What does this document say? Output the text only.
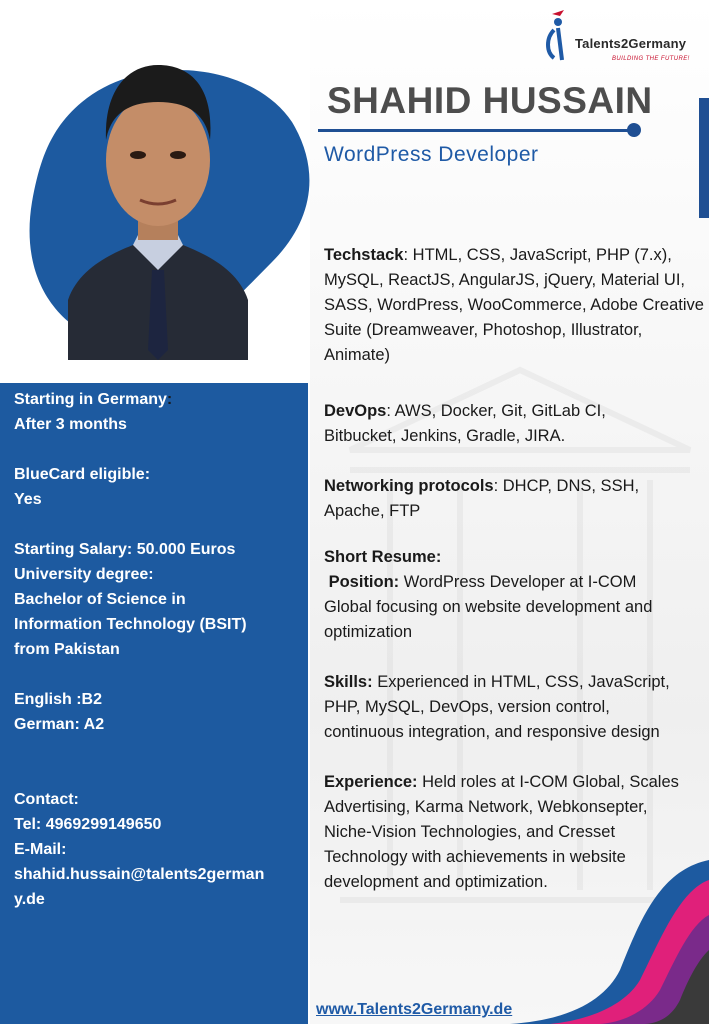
Talents2Germany
BUILDING THE FUTURE!
SHAHID HUSSAIN
WordPress Developer
Starting in Germany:
After 3 months
BlueCard eligible:
Yes
Starting Salary: 50.000 Euros
University degree:
Bachelor of Science in
Information Technology (BSIT)
from Pakistan
English :B2
German: A2
Contact:
Tel: 4969299149650
E-Mail:
shahid.hussain@talents2german
y.de
Techstack: HTML, CSS, JavaScript, PHP (7.x), MySQL, ReactJS, AngularJS, jQuery, Material UI, SASS, WordPress, WooCommerce, Adobe Creative Suite (Dreamweaver, Photoshop, Illustrator, Animate)
DevOps: AWS, Docker, Git, GitLab CI, Bitbucket, Jenkins, Gradle, JIRA.
Networking protocols: DHCP, DNS, SSH, Apache, FTP
Short Resume:
Position: WordPress Developer at I-COM Global focusing on website development and optimization
Skills: Experienced in HTML, CSS, JavaScript, PHP, MySQL, DevOps, version control, continuous integration, and responsive design
Experience: Held roles at I-COM Global, Scales Advertising, Karma Network, Webkonsepter, Niche-Vision Technologies, and Cresset Technology with achievements in website development and optimization.
www.Talents2Germany.de
